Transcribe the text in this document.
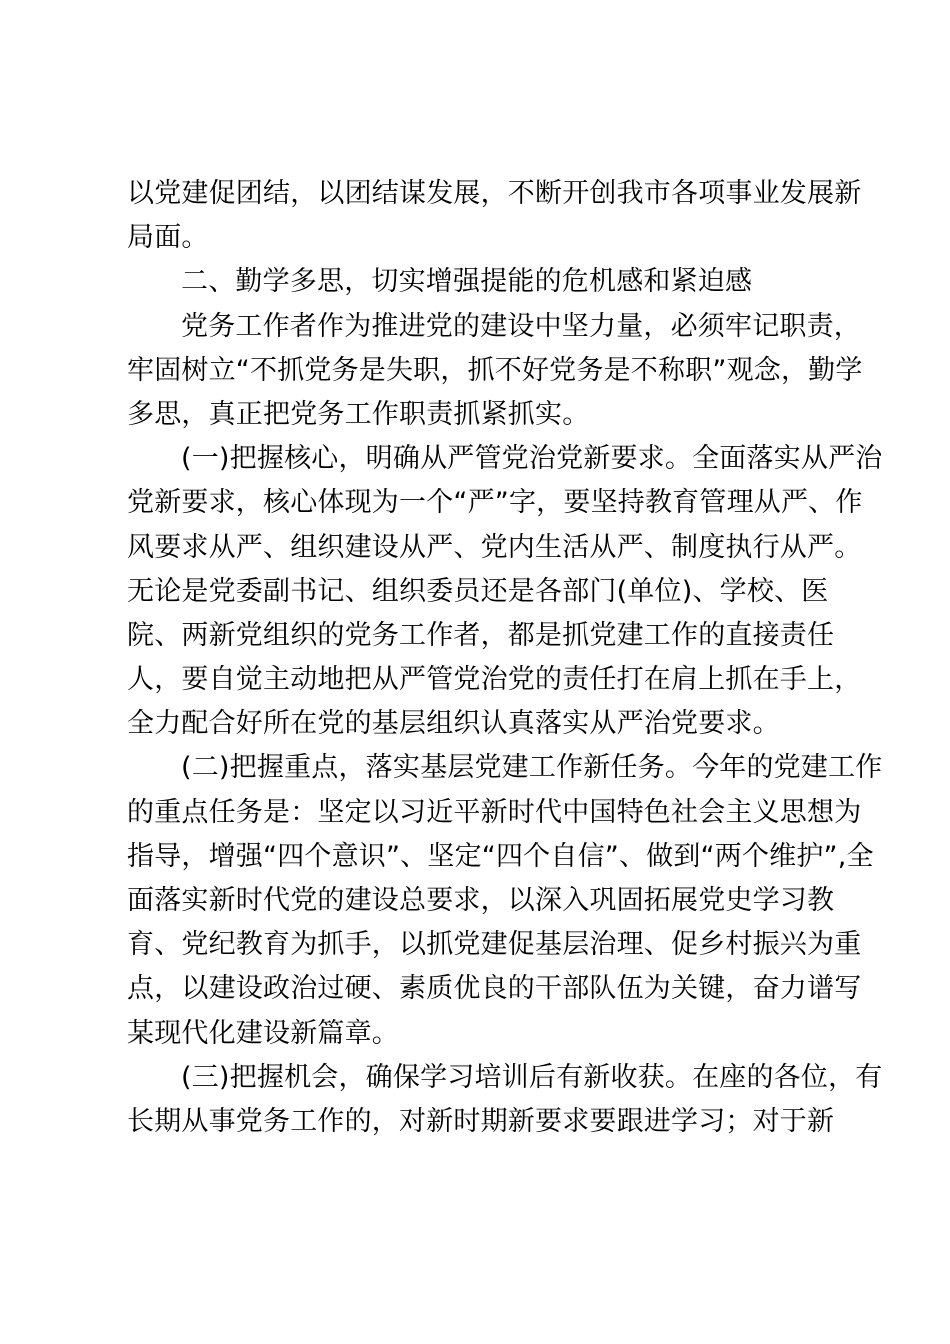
以党建促团结，以团结谋发展，不断开创我市各项事业发展新
局面。
二、勤学多思，切实增强提能的危机感和紧迫感
党务工作者作为推进党的建设中坚力量，必须牢记职责，
牢固树立“不抓党务是失职，抓不好党务是不称职”观念，勤学
多思，真正把党务工作职责抓紧抓实。
(一)把握核心，明确从严管党治党新要求。全面落实从严治
党新要求，核心体现为一个“严”字，要坚持教育管理从严、作
风要求从严、组织建设从严、党内生活从严、制度执行从严。
无论是党委副书记、组织委员还是各部门(单位)、学校、医
院、两新党组织的党务工作者，都是抓党建工作的直接责任
人，要自觉主动地把从严管党治党的责任打在肩上抓在手上，
全力配合好所在党的基层组织认真落实从严治党要求。
(二)把握重点，落实基层党建工作新任务。今年的党建工作
的重点任务是：坚定以习近平新时代中国特色社会主义思想为
指导，增强“四个意识”、坚定“四个自信”、做到“两个维护”,全
面落实新时代党的建设总要求，以深入巩固拓展党史学习教
育、党纪教育为抓手，以抓党建促基层治理、促乡村振兴为重
点，以建设政治过硬、素质优良的干部队伍为关键，奋力谱写
某现代化建设新篇章。
(三)把握机会，确保学习培训后有新收获。在座的各位，有
长期从事党务工作的，对新时期新要求要跟进学习；对于新
